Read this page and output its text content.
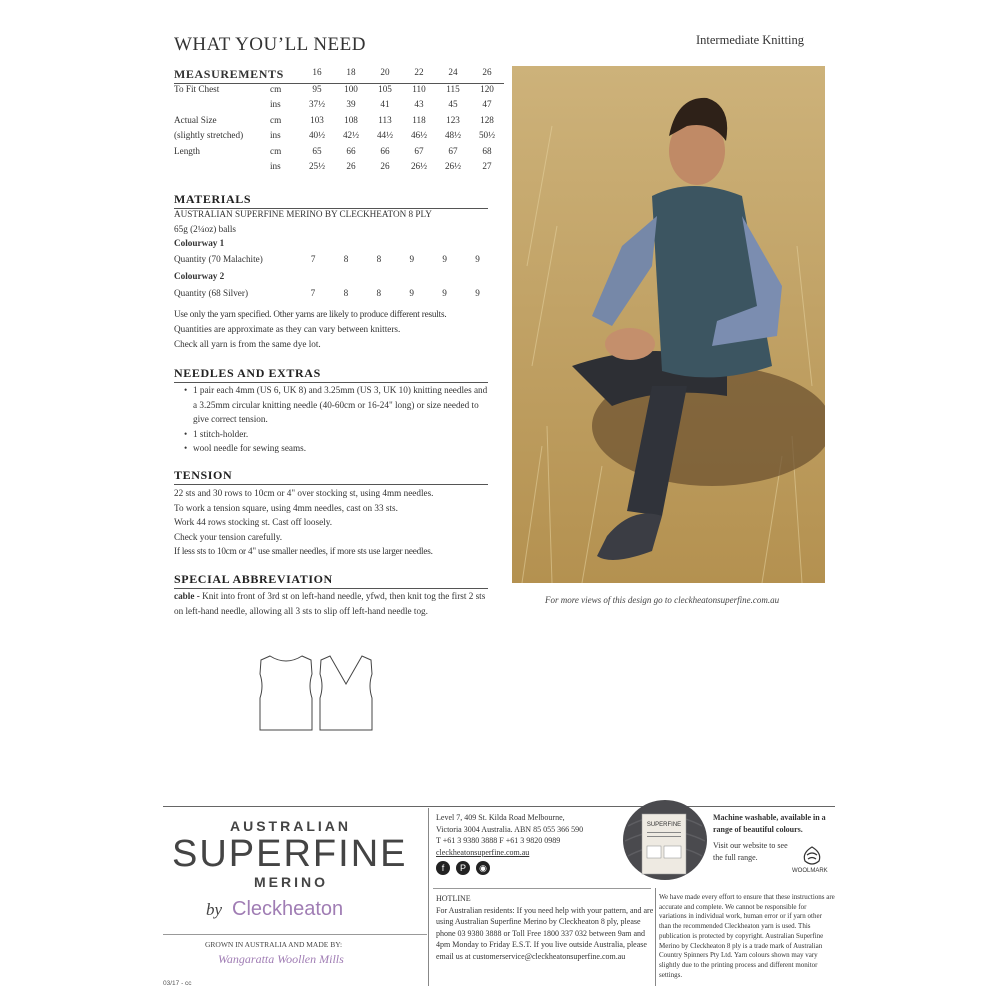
WHAT YOU’LL NEED	Intermediate Knitting
MEASUREMENTS		16	18	20	22	24	26
To Fit Chest	cm	95	100	105	110	115	120
	ins	37½	39	41	43	45	47
Actual Size	cm	103	108	113	118	123	128
(slightly stretched)	ins	40½	42½	44½	46½	48½	50½
Length	cm	65	66	66	67	67	68
	ins	25½	26	26	26½	26½	27
MATERIALS
AUSTRALIAN SUPERFINE MERINO BY CLECKHEATON 8 PLY
65g (2¼oz) balls
Colourway 1
Quantity (70 Malachite)	7	8	8	9	9	9
Colourway 2
Quantity (68 Silver)	7	8	8	9	9	9
Use only the yarn specified. Other yarns are likely to produce different results.
Quantities are approximate as they can vary between knitters.
Check all yarn is from the same dye lot.
NEEDLES AND EXTRAS
• 1 pair each 4mm (US 6, UK 8) and 3.25mm (US 3, UK 10) knitting needles and a 3.25mm circular knitting needle (40-60cm or 16-24" long) or size needed to give correct tension.
• 1 stitch-holder.
• wool needle for sewing seams.
TENSION
22 sts and 30 rows to 10cm or 4" over stocking st, using 4mm needles.
To work a tension square, using 4mm needles, cast on 33 sts.
Work 44 rows stocking st. Cast off loosely.
Check your tension carefully.
If less sts to 10cm or 4" use smaller needles, if more sts use larger needles.
SPECIAL ABBREVIATION
cable - Knit into front of 3rd st on left-hand needle, yfwd, then knit tog the first 2 sts on left-hand needle, allowing all 3 sts to slip off left-hand needle tog.
For more views of this design go to cleckheatonsuperfine.com.au
AUSTRALIAN
SUPERFINE
MERINO
by Cleckheaton
GROWN IN AUSTRALIA AND MADE BY:
Wangaratta Woollen Mills
03/17 - cc
Level 7, 409 St. Kilda Road Melbourne,
Victoria 3004 Australia. ABN 85 055 366 590
T +61 3 9380 3888 F +61 3 9820 0989
cleckheatonsuperfine.com.au
f P ◉
HOTLINE
For Australian residents: If you need help with your pattern, and are using Australian Superfine Merino by Cleckheaton 8 ply, please phone 03 9380 3888 or Toll Free 1800 337 032 between 9am and 4pm Monday to Friday E.S.T. If you live outside Australia, please email us at customerservice@cleckheatonsuperfine.com.au
SUPERFINE
Machine washable, available in a range of beautiful colours.
Visit our website to see the full range.
WOOLMARK
We have made every effort to ensure that these instructions are accurate and complete. We cannot be responsible for variations in individual work, human error or if yarn other than the recommended Cleckheaton yarn is used. This publication is protected by copyright. Australian Superfine Merino by Cleckheaton 8 ply is a trade mark of Australian Country Spinners Pty Ltd. Yarn colours shown may vary slightly due to the printing process and different monitor settings.
